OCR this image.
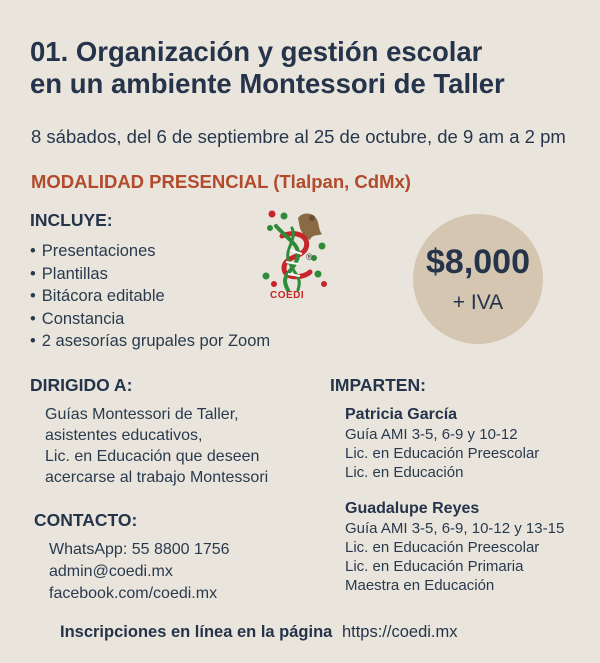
01. Organización y gestión escolar
en un ambiente Montessori de Taller
8 sábados, del 6 de septiembre al 25 de octubre, de 9 am a 2 pm
MODALIDAD PRESENCIAL (Tlalpan, CdMx)
INCLUYE:
• Presentaciones
• Plantillas
• Bitácora editable
• Constancia
• 2 asesorías grupales por Zoom
®
COEDI
$8,000
+ IVA
DIRIGIDO A:
Guías Montessori de Taller,
asistentes educativos,
Lic. en Educación que deseen
acercarse al trabajo Montessori
CONTACTO:
WhatsApp: 55 8800 1756
admin@coedi.mx
facebook.com/coedi.mx
IMPARTEN:
Patricia García
Guía AMI 3-5, 6-9 y 10-12
Lic. en Educación Preescolar
Lic. en Educación
Guadalupe Reyes
Guía AMI 3-5, 6-9, 10-12 y 13-15
Lic. en Educación Preescolar
Lic. en Educación Primaria
Maestra en Educación
Inscripciones en línea en la página https://coedi.mx
